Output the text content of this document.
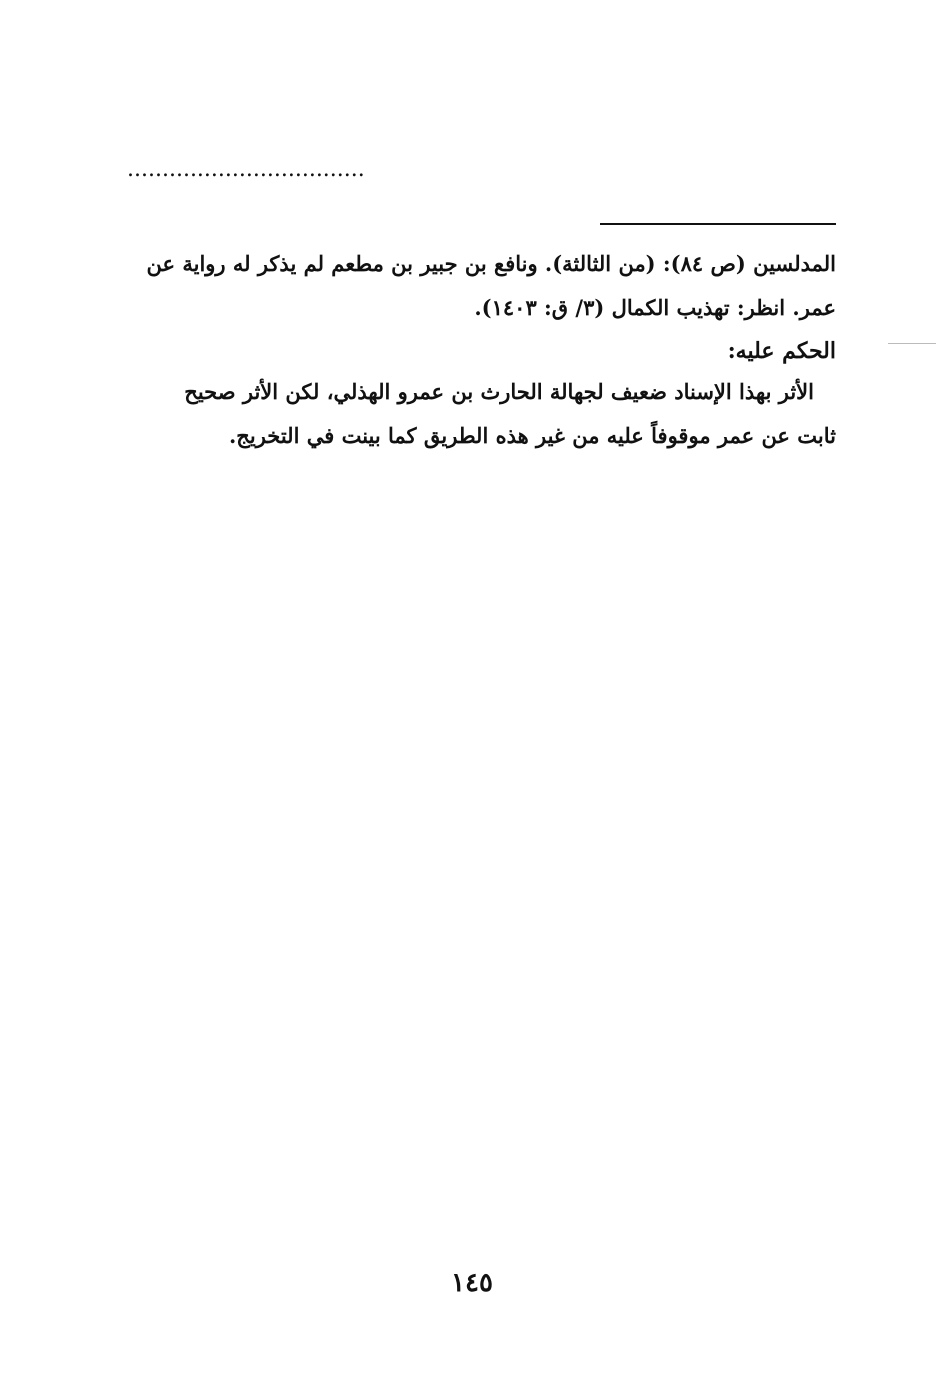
..................................

المدلسين (ص ٨٤): (من الثالثة). ونافع بن جبير بن مطعم لم يذكر له رواية عن

عمر. انظر: تهذيب الكمال (٣/ ق: ١٤٠٣).

الحكم عليه:

الأثر بهذا الإسناد ضعيف لجهالة الحارث بن عمرو الهذلي، لكن الأثر صحيح

ثابت عن عمر موقوفاً عليه من غير هذه الطريق كما بينت في التخريج.

١٤٥
